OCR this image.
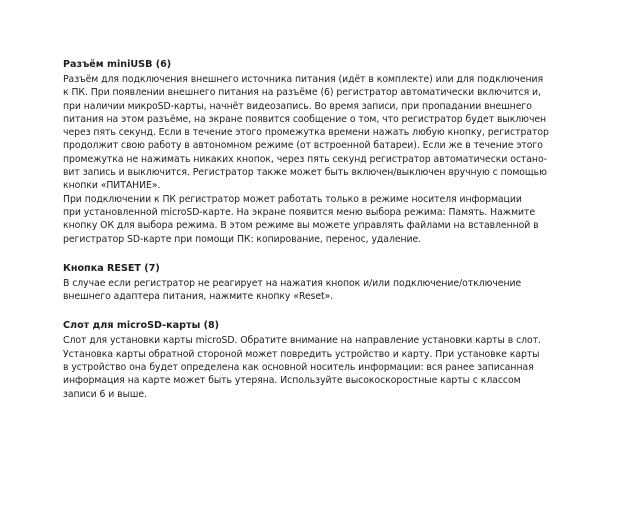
Разъём miniUSB (6)
Разъём для подключения внешнего источника питания (идёт в комплекте) или для подключения
к ПК. При появлении внешнего питания на разъёме (6) регистратор автоматически включится и,
при наличии микроSD-карты, начнёт видеозапись. Во время записи, при пропадании внешнего
питания на этом разъёме, на экране появится сообщение о том, что регистратор будет выключен
через пять секунд. Если в течение этого промежутка времени нажать любую кнопку, регистратор
продолжит свою работу в автономном режиме (от встроенной батареи). Если же в течение этого
промежутка не нажимать никаких кнопок, через пять секунд регистратор автоматически остано-
вит запись и выключится. Регистратор также может быть включен/выключен вручную с помощью
кнопки «ПИТАНИЕ».
При подключении к ПК регистратор может работать только в режиме носителя информации
при установленной microSD-карте. На экране появится меню выбора режима: Память. Нажмите
кнопку ОК для выбора режима. В этом режиме вы можете управлять файлами на вставленной в
регистратор SD-карте при помощи ПК: копирование, перенос, удаление.
Кнопка RESET (7)
В случае если регистратор не реагирует на нажатия кнопок и/или подключение/отключение
внешнего адаптера питания, нажмите кнопку «Reset».
Слот для microSD-карты (8)
Слот для установки карты microSD. Обратите внимание на направление установки карты в слот.
Установка карты обратной стороной может повредить устройство и карту. При установке карты
в устройство она будет определена как основной носитель информации: вся ранее записанная
информация на карте может быть утеряна. Используйте высокоскоростные карты с классом
записи 6 и выше.
